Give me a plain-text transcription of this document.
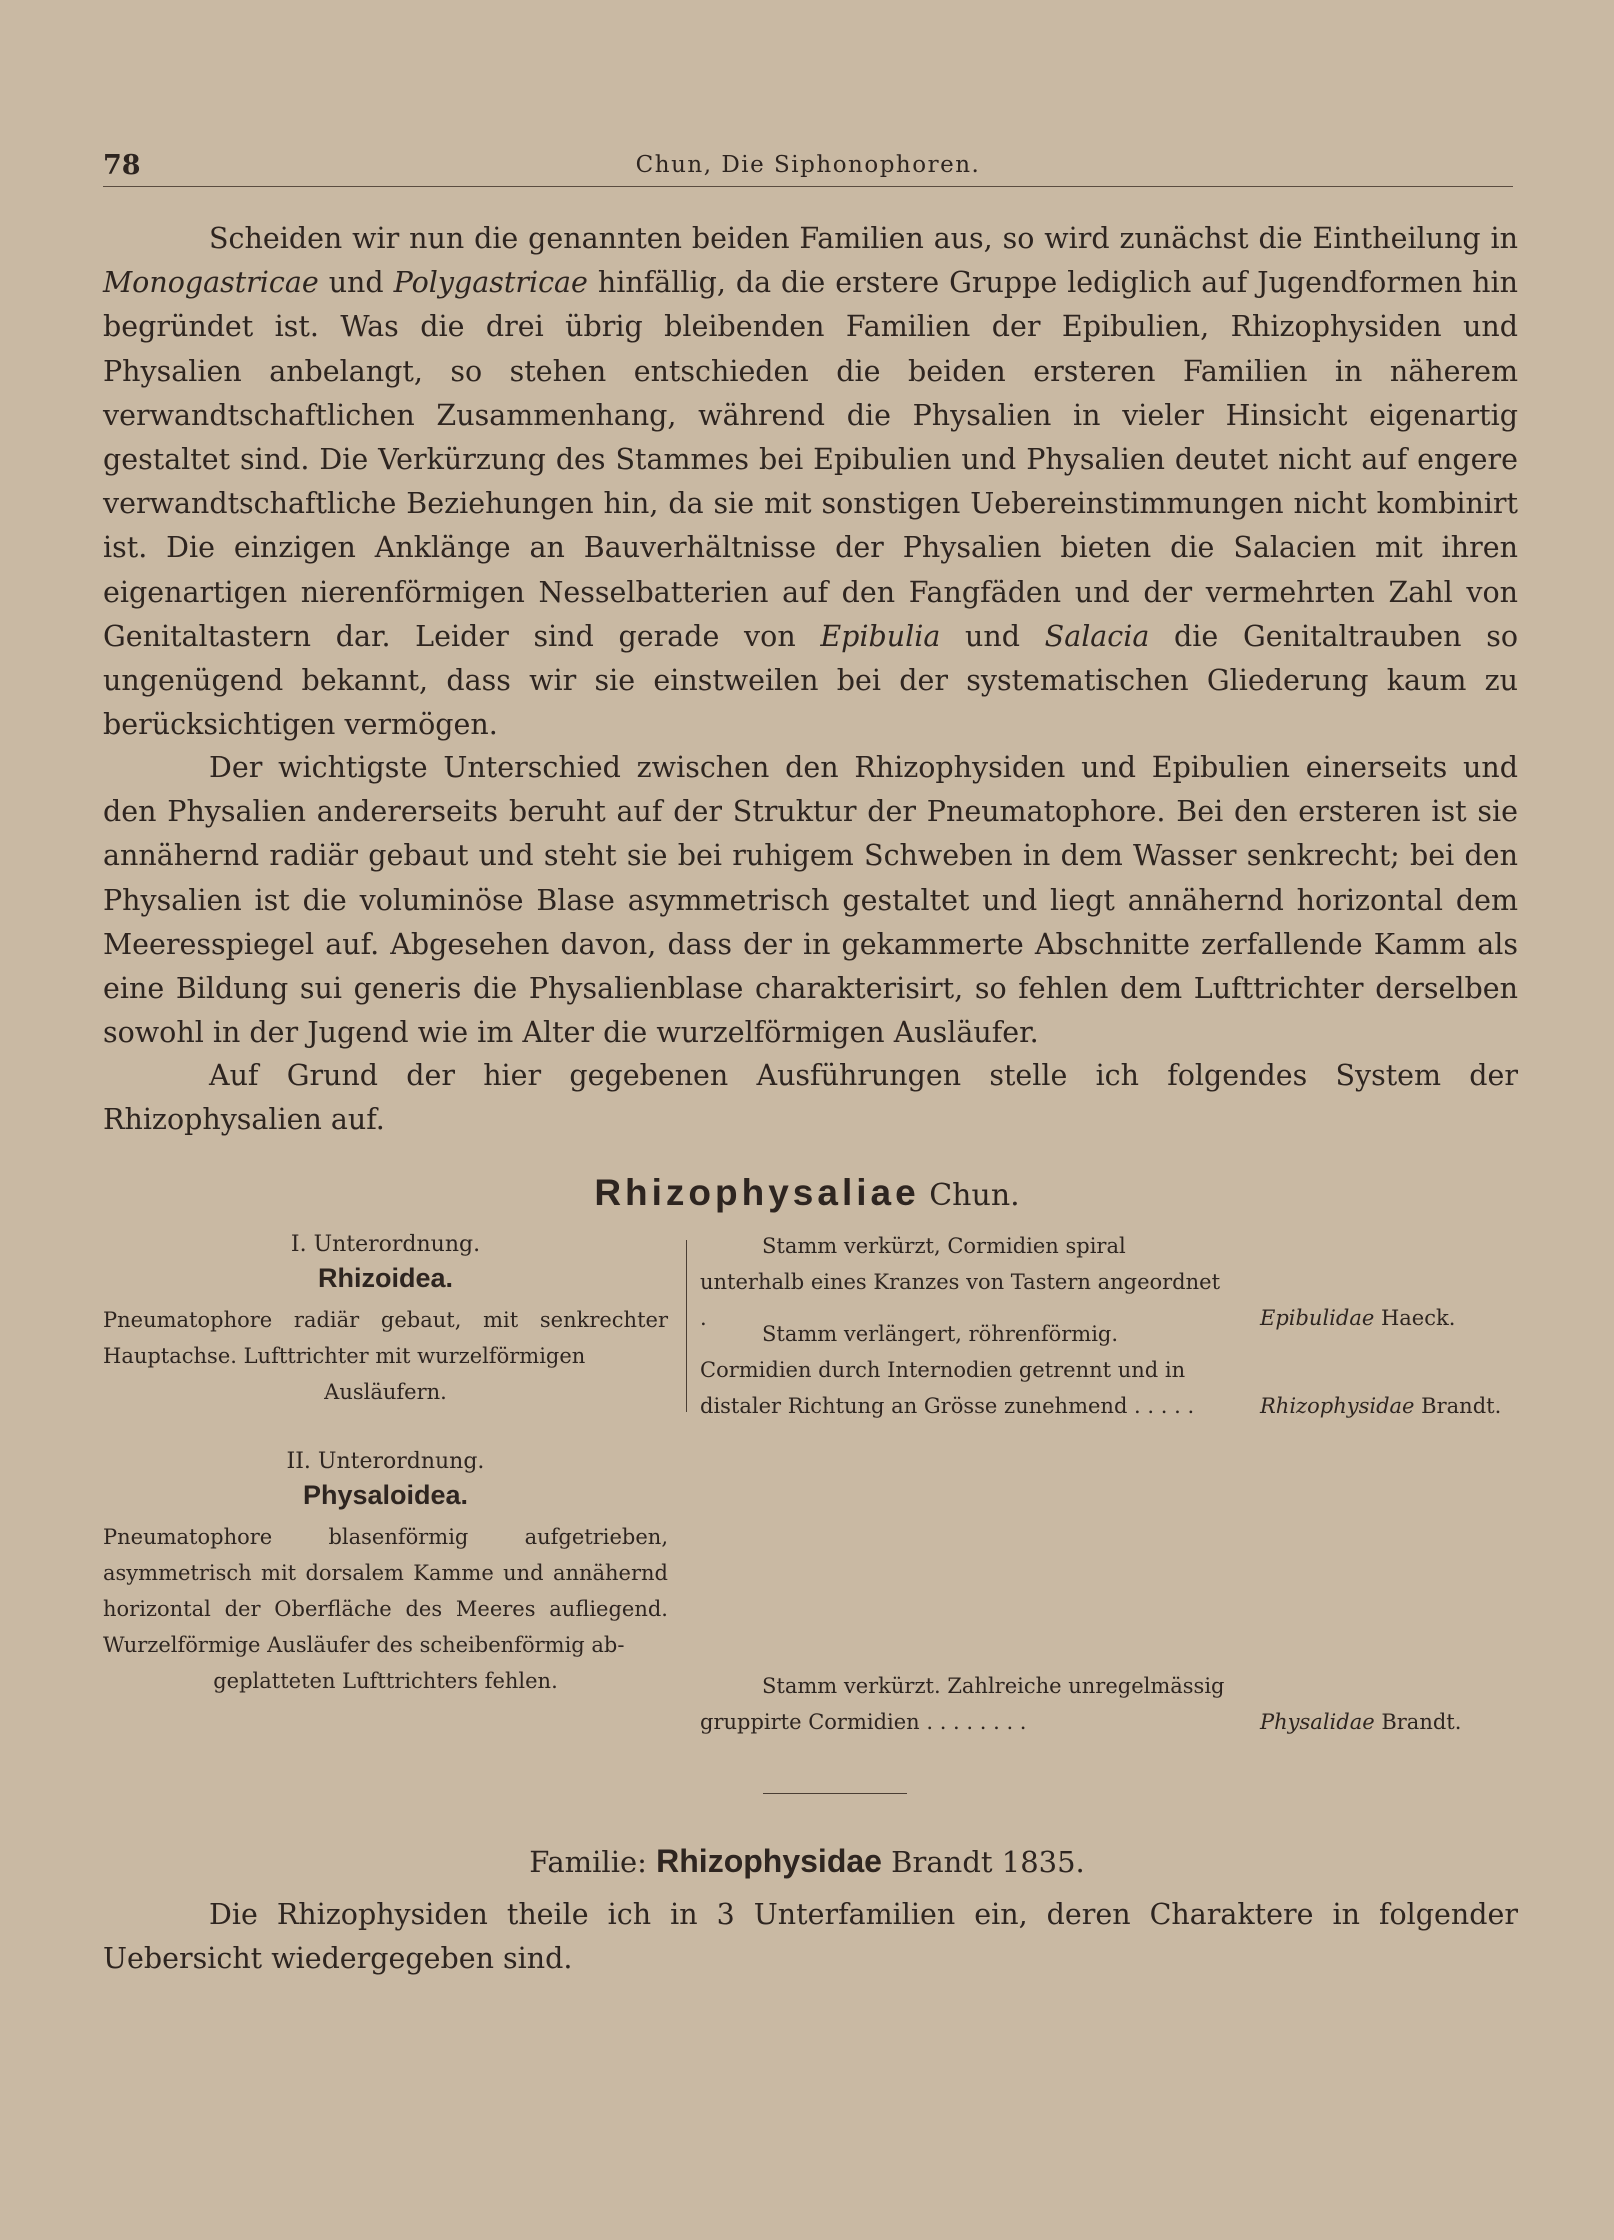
78	Chun, Die Siphonophoren.

Scheiden wir nun die genannten beiden Familien aus, so wird zunächst die Eintheilung in Monogastricae und Polygastricae hinfällig, da die erstere Gruppe lediglich auf Jugendformen hin begründet ist. Was die drei übrig bleibenden Familien der Epibulien, Rhizophysiden und Physalien anbelangt, so stehen entschieden die beiden ersteren Familien in näherem verwandtschaftlichen Zusammenhang, während die Physalien in vieler Hinsicht eigenartig gestaltet sind. Die Verkürzung des Stammes bei Epibulien und Physalien deutet nicht auf engere verwandtschaftliche Beziehungen hin, da sie mit sonstigen Uebereinstimmungen nicht kombinirt ist. Die einzigen Anklänge an Bauverhältnisse der Physalien bieten die Salacien mit ihren eigenartigen nierenförmigen Nesselbatterien auf den Fangfäden und der vermehrten Zahl von Genitaltastern dar. Leider sind gerade von Epibulia und Salacia die Genitaltrauben so ungenügend bekannt, dass wir sie einstweilen bei der systematischen Gliederung kaum zu berücksichtigen vermögen.

Der wichtigste Unterschied zwischen den Rhizophysiden und Epibulien einerseits und den Physalien andererseits beruht auf der Struktur der Pneumatophore. Bei den ersteren ist sie annähernd radiär gebaut und steht sie bei ruhigem Schweben in dem Wasser senkrecht; bei den Physalien ist die voluminöse Blase asymmetrisch gestaltet und liegt annähernd horizontal dem Meeresspiegel auf. Abgesehen davon, dass der in gekammerte Abschnitte zerfallende Kamm als eine Bildung sui generis die Physalienblase charakterisirt, so fehlen dem Lufttrichter derselben sowohl in der Jugend wie im Alter die wurzelförmigen Ausläufer.

Auf Grund der hier gegebenen Ausführungen stelle ich folgendes System der Rhizophysalien auf.

Rhizophysaliae Chun.
I. Unterordnung.
Rhizoidea.
Pneumatophore radiär gebaut, mit senkrechter Hauptachse. Lufttrichter mit wurzelförmigen
Ausläufern.
Stamm verkürzt, Cormidien spiral unterhalb eines Kranzes von Tastern angeordnet .	Epibulidae Haeck.
Stamm verlängert, röhrenförmig. Cormidien durch Internodien getrennt und in distaler Richtung an Grösse zunehmend . . . . .	Rhizophysidae Brandt.
II. Unterordnung.
Physaloidea.
Pneumatophore blasenförmig aufgetrieben, asymmetrisch mit dorsalem Kamme und annähernd horizontal der Oberfläche des Meeres aufliegend. Wurzelförmige Ausläufer des scheibenförmig ab-
geplatteten Lufttrichters fehlen.	Stamm verkürzt. Zahlreiche unregelmässig gruppirte Cormidien . . . . . . . .	Physalidae Brandt.
Familie: Rhizophysidae Brandt 1835.

Die Rhizophysiden theile ich in 3 Unterfamilien ein, deren Charaktere in folgender Uebersicht wiedergegeben sind.
